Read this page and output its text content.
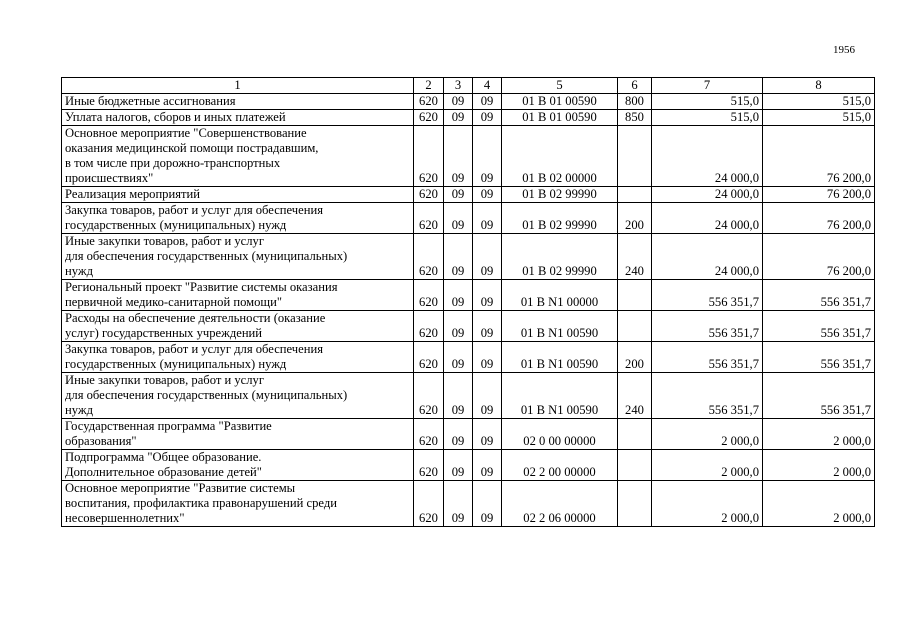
1956
1	2	3	4	5	6	7	8
Иные бюджетные ассигнования	620	09	09	01 В 01 00590	800	515,0	515,0
Уплата налогов, сборов и иных платежей	620	09	09	01 В 01 00590	850	515,0	515,0
Основное мероприятие "Совершенствование
оказания медицинской помощи пострадавшим,
в том числе при дорожно-транспортных
происшествиях"	620	09	09	01 В 02 00000		24 000,0	76 200,0
Реализация мероприятий	620	09	09	01 В 02 99990		24 000,0	76 200,0
Закупка товаров, работ и услуг для обеспечения
государственных (муниципальных) нужд	620	09	09	01 В 02 99990	200	24 000,0	76 200,0
Иные закупки товаров, работ и услуг
для обеспечения государственных (муниципальных)
нужд	620	09	09	01 В 02 99990	240	24 000,0	76 200,0
Региональный проект "Развитие системы оказания
первичной медико-санитарной помощи"	620	09	09	01 В N1 00000		556 351,7	556 351,7
Расходы на обеспечение деятельности (оказание
услуг) государственных учреждений	620	09	09	01 В N1 00590		556 351,7	556 351,7
Закупка товаров, работ и услуг для обеспечения
государственных (муниципальных) нужд	620	09	09	01 В N1 00590	200	556 351,7	556 351,7
Иные закупки товаров, работ и услуг
для обеспечения государственных (муниципальных)
нужд	620	09	09	01 В N1 00590	240	556 351,7	556 351,7
Государственная программа "Развитие
образования"	620	09	09	02 0 00 00000		2 000,0	2 000,0
Подпрограмма "Общее образование.
Дополнительное образование детей"	620	09	09	02 2 00 00000		2 000,0	2 000,0
Основное мероприятие "Развитие системы
воспитания, профилактика правонарушений среди
несовершеннолетних"	620	09	09	02 2 06 00000		2 000,0	2 000,0
